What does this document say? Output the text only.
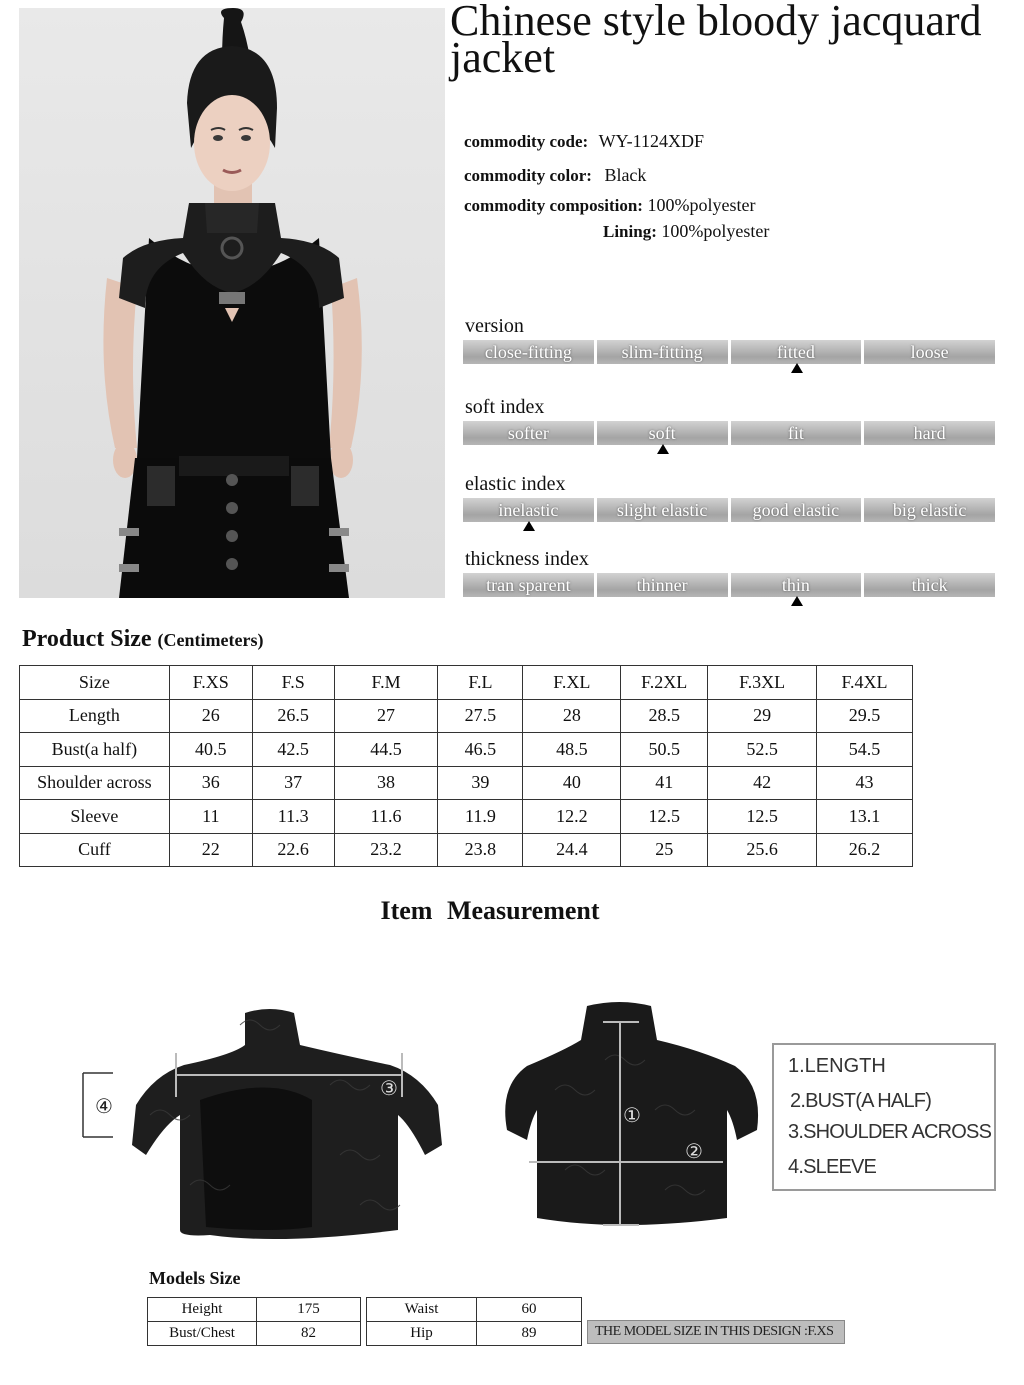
Chinese style bloody jacquard jacket
commodity code: WY-1124XDF
commodity color: Black
commodity composition: 100%polyester
Lining: 100%polyester
version
close-fitting	slim-fitting	fitted	loose
soft index
softer	soft	fit	hard
elastic index
inelastic	slight elastic	good elastic	big elastic
thickness index
tran sparent	thinner	thin	thick
Product Size (Centimeters)
Size	F.XS	F.S	F.M	F.L	F.XL	F.2XL	F.3XL	F.4XL
Length	26	26.5	27	27.5	28	28.5	29	29.5
Bust(a half)	40.5	42.5	44.5	46.5	48.5	50.5	52.5	54.5
Shoulder across	36	37	38	39	40	41	42	43
Sleeve	11	11.3	11.6	11.9	12.2	12.5	12.5	13.1
Cuff	22	22.6	23.2	23.8	24.4	25	25.6	26.2
Item Measurement
③
④	①
②
1.LENGTH
2.BUST(A HALF)
3.SHOULDER ACROSS
4.SLEEVE
Models Size
Height	175
Bust/Chest	82
Waist	60
Hip	89	THE MODEL SIZE IN THIS DESIGN :F.XS
